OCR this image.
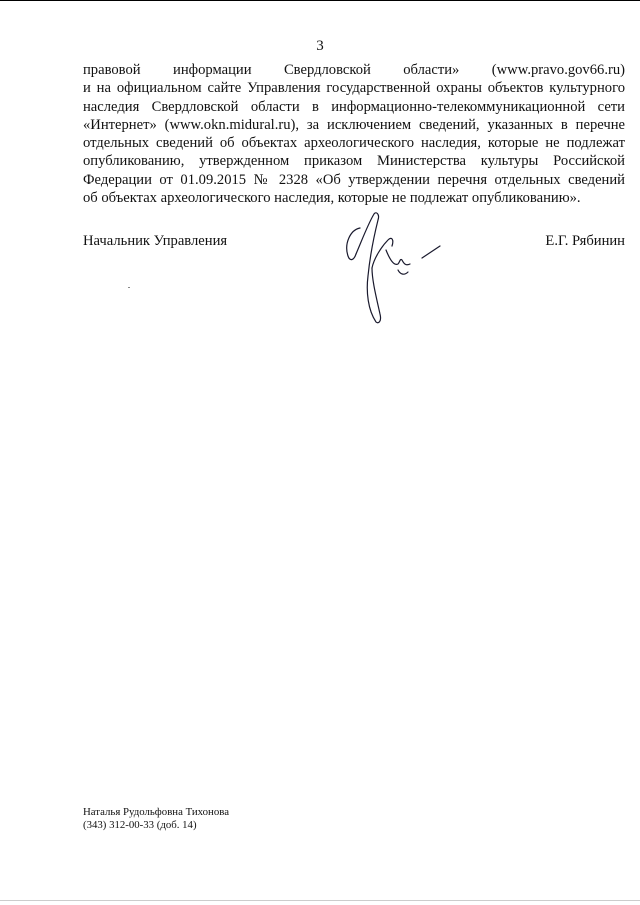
3

правовой информации Свердловской области» (www.pravo.gov66.ru)
и на официальном сайте Управления государственной охраны объектов культурного
наследия Свердловской области в информационно-телекоммуникационной сети
«Интернет» (www.okn.midural.ru), за исключением сведений, указанных в перечне
отдельных сведений об объектах археологического наследия, которые не подлежат
опубликованию, утвержденном приказом Министерства культуры Российской
Федерации от 01.09.2015 № 2328 «Об утверждении перечня отдельных сведений
об объектах археологического наследия, которые не подлежат опубликованию».

Начальник Управления	Е.Г. Рябинин
Наталья Рудольфовна Тихонова
(343) 312-00-33 (доб. 14)
